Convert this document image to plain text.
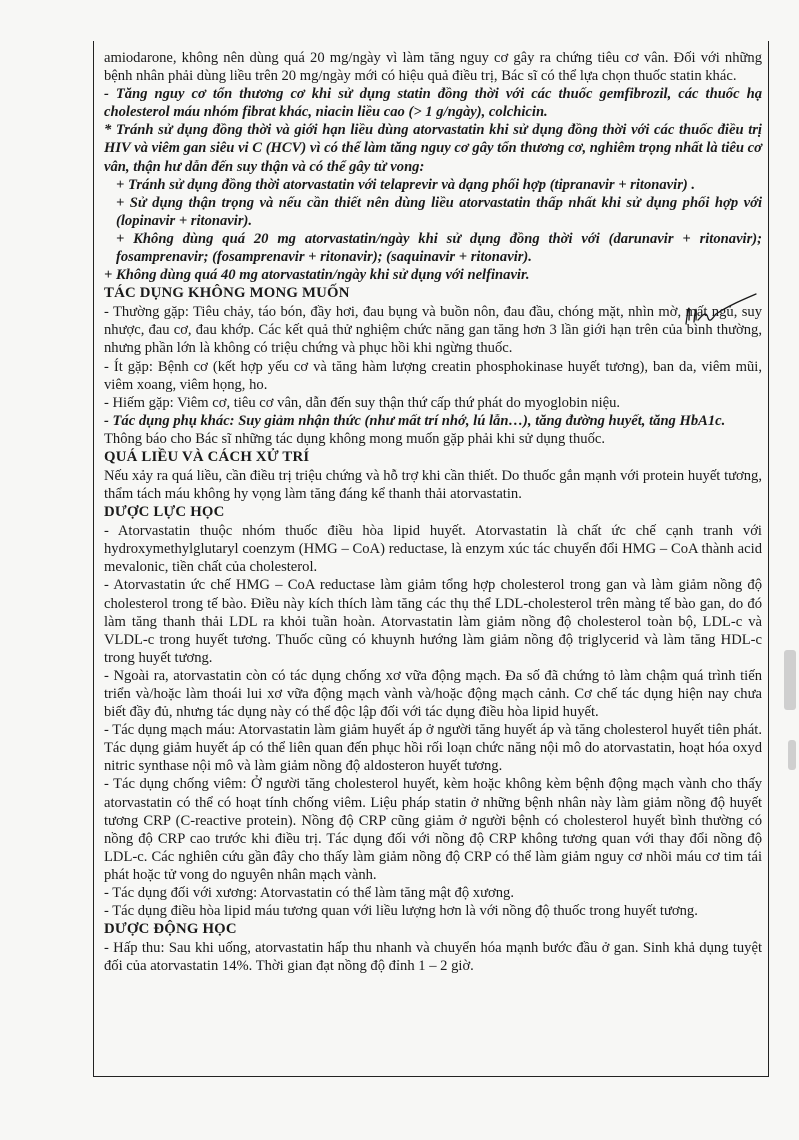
amiodarone, không nên dùng quá 20 mg/ngày vì làm tăng nguy cơ gây ra chứng tiêu cơ vân. Đối với những bệnh nhân phải dùng liều trên 20 mg/ngày mới có hiệu quả điều trị, Bác sĩ có thể lựa chọn thuốc statin khác.

- Tăng nguy cơ tổn thương cơ khi sử dụng statin đồng thời với các thuốc gemfibrozil, các thuốc hạ cholesterol máu nhóm fibrat khác, niacin liều cao (> 1 g/ngày), colchicin.

* Tránh sử dụng đồng thời và giới hạn liều dùng atorvastatin khi sử dụng đồng thời với các thuốc điều trị HIV và viêm gan siêu vi C (HCV) vì có thể làm tăng nguy cơ gây tổn thương cơ, nghiêm trọng nhất là tiêu cơ vân, thận hư dẫn đến suy thận và có thể gây tử vong:

+ Tránh sử dụng đồng thời atorvastatin với telaprevir và dạng phối hợp (tipranavir + ritonavir) .

+ Sử dụng thận trọng và nếu cần thiết nên dùng liều atorvastatin thấp nhất khi sử dụng phối hợp với (lopinavir + ritonavir).

+ Không dùng quá 20 mg atorvastatin/ngày khi sử dụng đồng thời với (darunavir + ritonavir); fosamprenavir; (fosamprenavir + ritonavir); (saquinavir + ritonavir).

+ Không dùng quá 40 mg atorvastatin/ngày khi sử dụng với nelfinavir.

TÁC DỤNG KHÔNG MONG MUỐN

- Thường gặp: Tiêu chảy, táo bón, đầy hơi, đau bụng và buồn nôn, đau đầu, chóng mặt, nhìn mờ, mất ngủ, suy nhược, đau cơ, đau khớp. Các kết quả thử nghiệm chức năng gan tăng hơn 3 lần giới hạn trên của bình thường, nhưng phần lớn là không có triệu chứng và phục hồi khi ngừng thuốc.

- Ít gặp: Bệnh cơ (kết hợp yếu cơ và tăng hàm lượng creatin phosphokinase huyết tương), ban da, viêm mũi, viêm xoang, viêm họng, ho.

- Hiếm gặp: Viêm cơ, tiêu cơ vân, dẫn đến suy thận thứ cấp thứ phát do myoglobin niệu.

- Tác dụng phụ khác: Suy giảm nhận thức (như mất trí nhớ, lú lẫn…), tăng đường huyết, tăng HbA1c.

Thông báo cho Bác sĩ những tác dụng không mong muốn gặp phải khi sử dụng thuốc.

QUÁ LIỀU VÀ CÁCH XỬ TRÍ

Nếu xảy ra quá liều, cần điều trị triệu chứng và hỗ trợ khi cần thiết. Do thuốc gắn mạnh với protein huyết tương, thẩm tách máu không hy vọng làm tăng đáng kể thanh thải atorvastatin.

DƯỢC LỰC HỌC

- Atorvastatin thuộc nhóm thuốc điều hòa lipid huyết. Atorvastatin là chất ức chế cạnh tranh với hydroxymethylglutaryl coenzym (HMG – CoA) reductase, là enzym xúc tác chuyển đổi HMG – CoA thành acid mevalonic, tiền chất của cholesterol.

- Atorvastatin ức chế HMG – CoA reductase làm giảm tổng hợp cholesterol trong gan và làm giảm nồng độ cholesterol trong tế bào. Điều này kích thích làm tăng các thụ thể LDL-cholesterol trên màng tế bào gan, do đó làm tăng thanh thải LDL ra khỏi tuần hoàn. Atorvastatin làm giảm nồng độ cholesterol toàn bộ, LDL-c và VLDL-c trong huyết tương. Thuốc cũng có khuynh hướng làm giảm nồng độ triglycerid và làm tăng HDL-c trong huyết tương.

- Ngoài ra, atorvastatin còn có tác dụng chống xơ vữa động mạch. Đa số đã chứng tỏ làm chậm quá trình tiến triển và/hoặc làm thoái lui xơ vữa động mạch vành và/hoặc động mạch cảnh. Cơ chế tác dụng hiện nay chưa biết đầy đủ, nhưng tác dụng này có thể độc lập đối với tác dụng điều hòa lipid huyết.

- Tác dụng mạch máu: Atorvastatin làm giảm huyết áp ở người tăng huyết áp và tăng cholesterol huyết tiên phát. Tác dụng giảm huyết áp có thể liên quan đến phục hồi rối loạn chức năng nội mô do atorvastatin, hoạt hóa oxyd nitric synthase nội mô và làm giảm nồng độ aldosteron huyết tương.

- Tác dụng chống viêm: Ở người tăng cholesterol huyết, kèm hoặc không kèm bệnh động mạch vành cho thấy atorvastatin có thể có hoạt tính chống viêm. Liệu pháp statin ở những bệnh nhân này làm giảm nồng độ huyết tương CRP (C-reactive protein). Nồng độ CRP cũng giảm ở người bệnh có cholesterol huyết bình thường có nồng độ CRP cao trước khi điều trị. Tác dụng đối với nồng độ CRP không tương quan với thay đổi nồng độ LDL-c. Các nghiên cứu gần đây cho thấy làm giảm nồng độ CRP có thể làm giảm nguy cơ nhồi máu cơ tim tái phát hoặc tử vong do nguyên nhân mạch vành.

- Tác dụng đối với xương: Atorvastatin có thể làm tăng mật độ xương.

- Tác dụng điều hòa lipid máu tương quan với liều lượng hơn là với nồng độ thuốc trong huyết tương.

DƯỢC ĐỘNG HỌC

- Hấp thu: Sau khi uống, atorvastatin hấp thu nhanh và chuyển hóa mạnh bước đầu ở gan. Sinh khả dụng tuyệt đối của atorvastatin 14%. Thời gian đạt nồng độ đỉnh 1 – 2 giờ.
